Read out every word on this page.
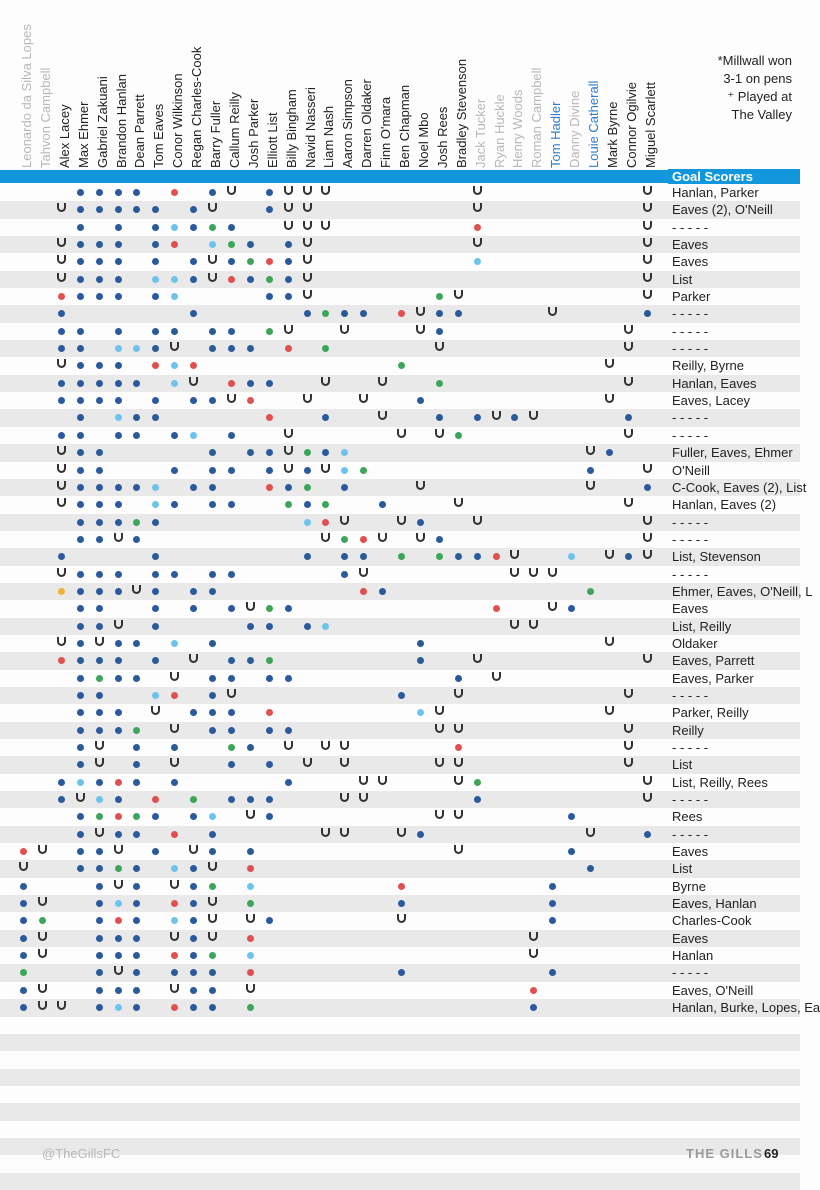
Leonardo da Silva Lopes Tahvon Campbell Alex Lacey Max Ehmer Gabriel Zakuani Brandon Hanlan Dean Parrett Tom Eaves Conor Wilkinson Regan Charles-Cook Barry Fuller Callum Reilly Josh Parker Elliott List Billy Bingham Navid Nasseri Liam Nash Aaron Simpson Darren Oldaker Finn O'mara Ben Chapman Noel Mbo Josh Rees Bradley Stevenson Jack Tucker Ryan Huckle Henry Woods Roman Campbell Tom Hadler Danny Divine Louie Catherall Mark Byrne Connor Ogilvie Miguel Scarlett
*Millwall won
3-1 on pens
⁺ Played at
The Valley
Goal Scorers
Hanlan, Parker
Eaves (2), O'Neill
- - - - -
Eaves
Eaves
List
Parker
- - - - -
- - - - -
- - - - -
Reilly, Byrne
Hanlan, Eaves
Eaves, Lacey
- - - - -
- - - - -
Fuller, Eaves, Ehmer
O'Neill
C-Cook, Eaves (2), List
Hanlan, Eaves (2)
- - - - -
- - - - -
List, Stevenson
- - - - -
Ehmer, Eaves, O'Neill, L
Eaves
List, Reilly
Oldaker
Eaves, Parrett
Eaves, Parker
- - - - -
Parker, Reilly
Reilly
- - - - -
List
List, Reilly, Rees
- - - - -
Rees
- - - - -
Eaves
List
Byrne
Eaves, Hanlan
Charles-Cook
Eaves
Hanlan
- - - - -
Eaves, O'Neill
Hanlan, Burke, Lopes, Ea
@TheGillsFC	THE GILLS 69
